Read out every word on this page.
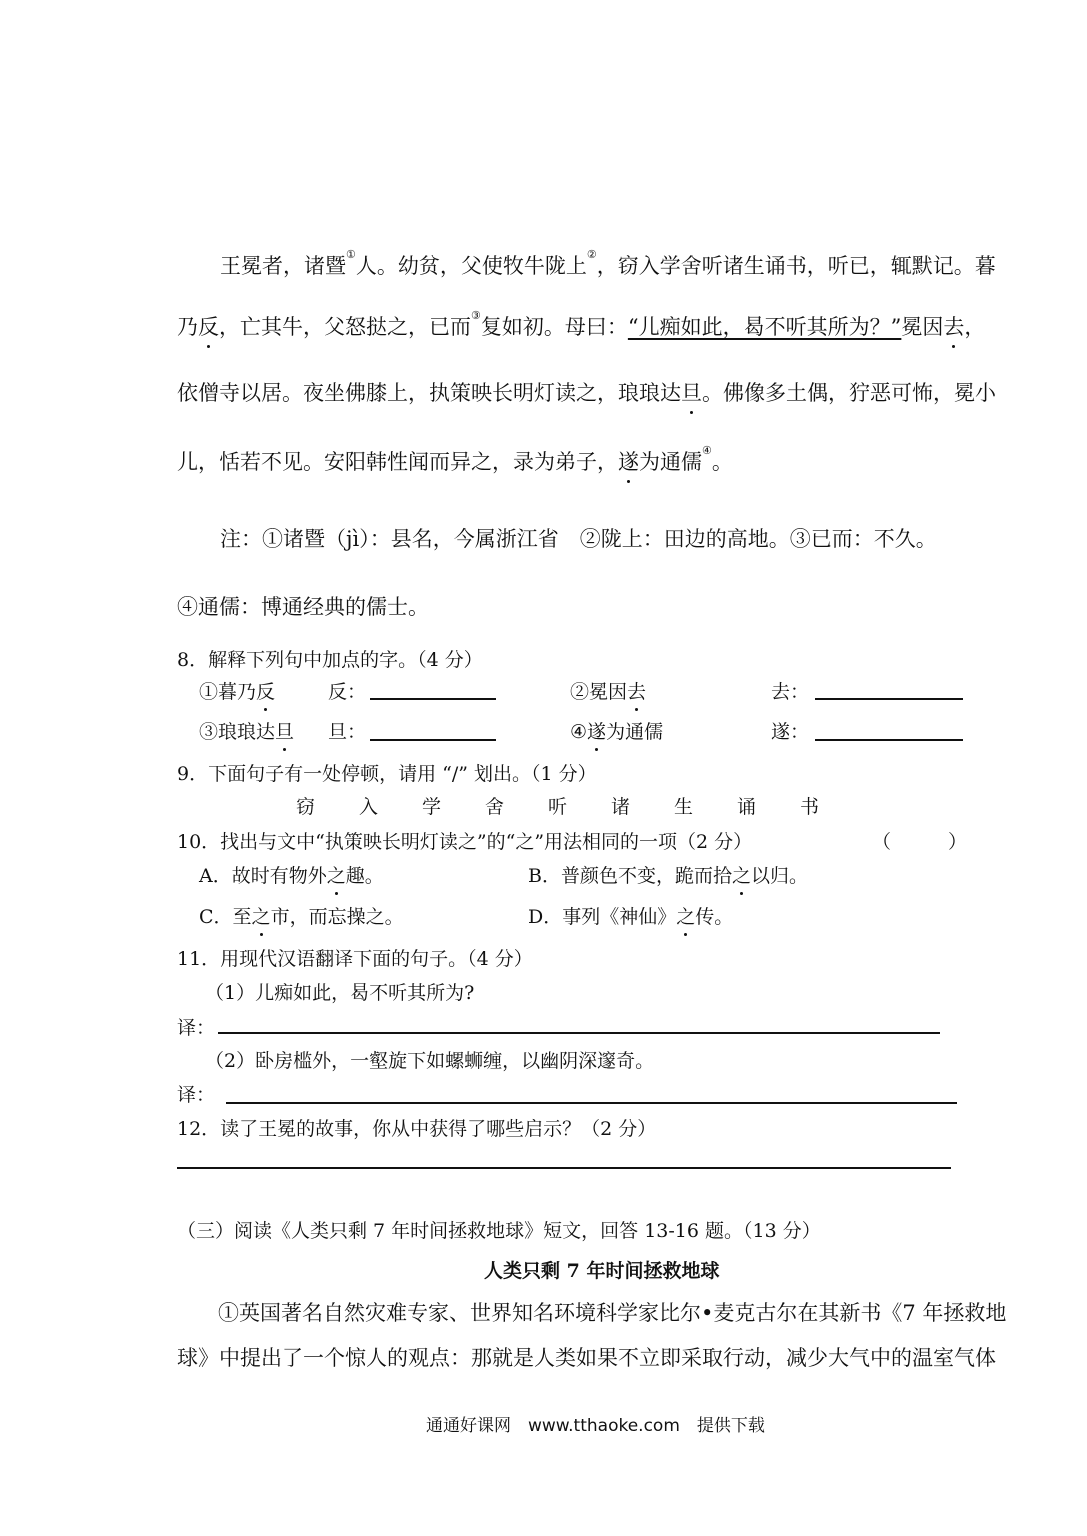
王冕者，诸暨①人。幼贫，父使牧牛陇上②，窃入学舍听诸生诵书，听已，辄默记。暮
乃反，亡其牛，父怒挞之，已而③复如初。母曰：“儿痴如此，曷不听其所为？”冕因去，
依僧寺以居。夜坐佛膝上，执策映长明灯读之，琅琅达旦。佛像多土偶，狞恶可怖，冕小
儿，恬若不见。安阳韩性闻而异之，录为弟子，遂为通儒④。
注：①诸暨（jì）：县名，今属浙江省　②陇上：田边的高地。③已而：不久。
④通儒：博通经典的儒士。
8．解释下列句中加点的字。（4 分）
①暮乃反	反：	②冕因去	去：
③琅琅达旦 旦：	④遂为通儒	遂：
9．下面句子有一处停顿，请用 “/” 划出。（1 分）
窃 入 学 舍 听 诸 生 诵 书
10．找出与文中“执策映长明灯读之”的“之”用法相同的一项（2 分）	（　　　）
A．故时有物外之趣。	B．普颜色不变，跪而拾之以归。
C．至之市，而忘操之。	D．事列《神仙》之传。
11．用现代汉语翻译下面的句子。（4 分）
（1）儿痴如此，曷不听其所为?
译：
（2）卧房槛外，一壑旋下如螺蛳缠，以幽阴深邃奇。
译：
12．读了王冕的故事，你从中获得了哪些启示？（2 分）
（三）阅读《人类只剩 7 年时间拯救地球》短文，回答 13-16 题。（13 分）
人类只剩 7 年时间拯救地球
①英国著名自然灾难专家、世界知名环境科学家比尔•麦克古尔在其新书《7 年拯救地
球》中提出了一个惊人的观点：那就是人类如果不立即采取行动，减少大气中的温室气体
通通好课网　www.tthaoke.com　提供下载
